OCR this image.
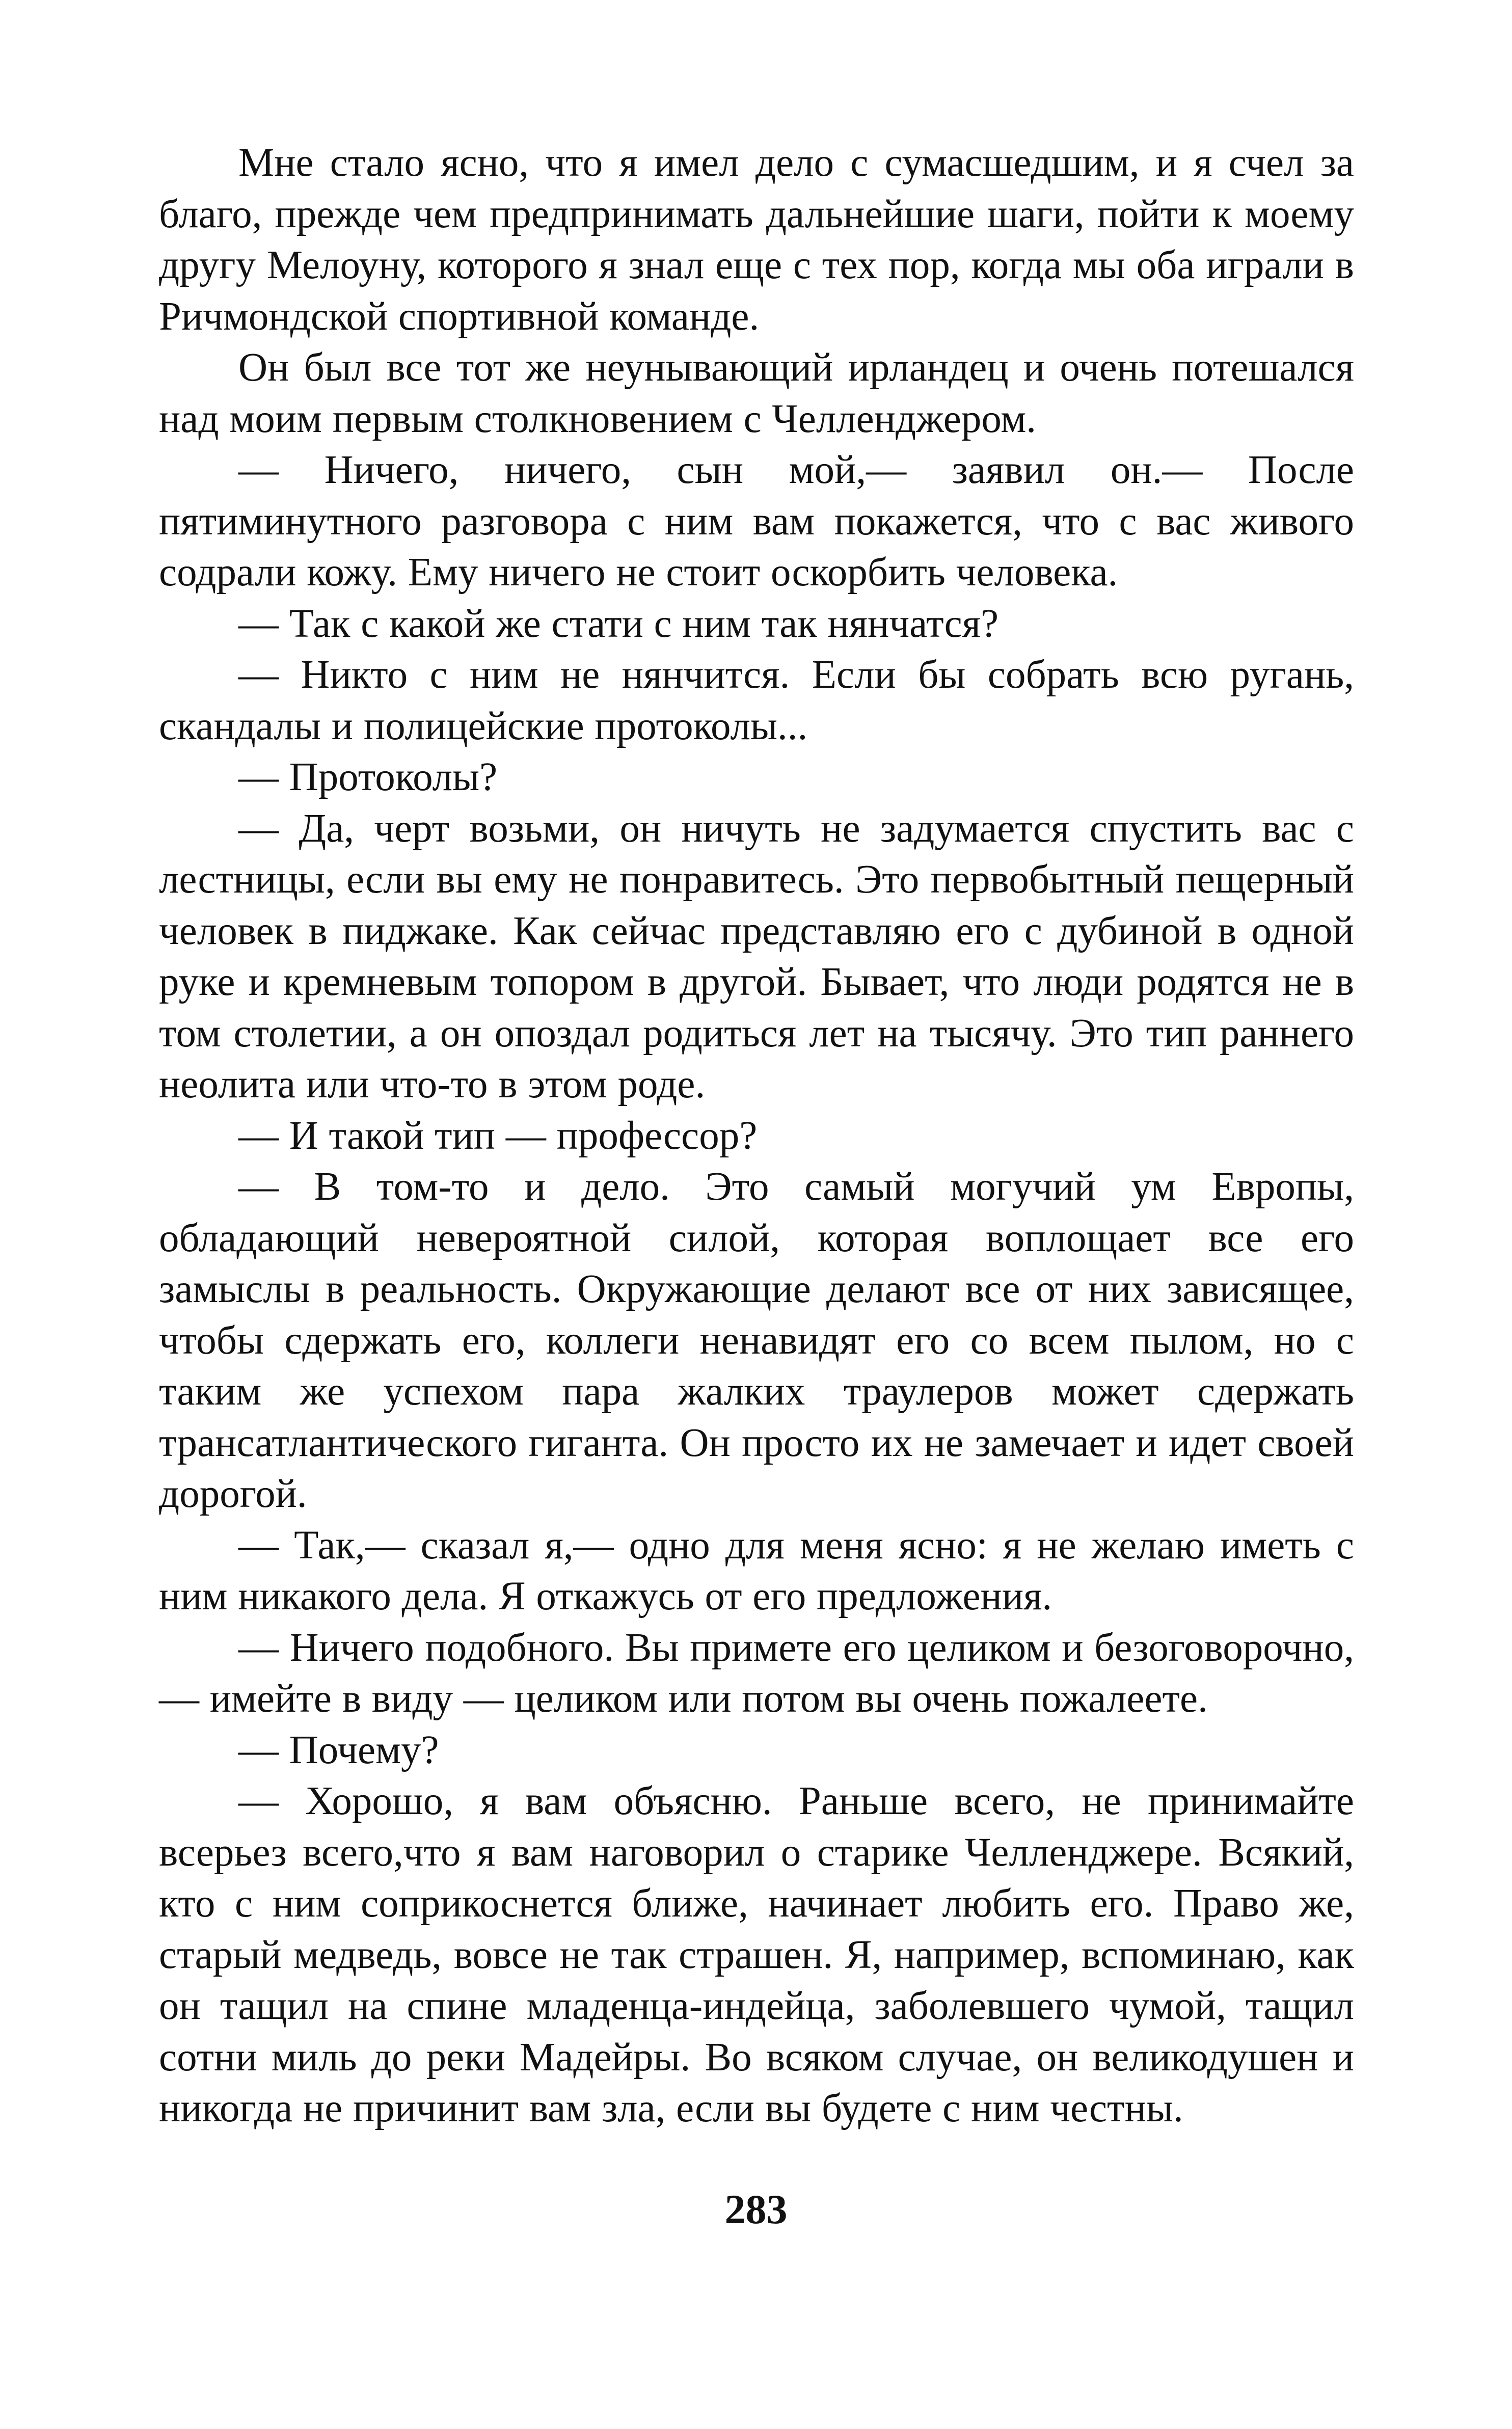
Мне стало ясно, что я имел дело с сумасшедшим, и я счел за благо, прежде чем предпринимать дальнейшие шаги, пойти к моему другу Мелоуну, которого я знал еще с тех пор, когда мы оба играли в Ричмондской спортивной команде.

Он был все тот же неунывающий ирландец и очень потешался над моим первым столкновением с Челленджером.

— Ничего, ничего, сын мой,— заявил он.— После пятиминутного разговора с ним вам покажется, что с вас живого содрали кожу. Ему ничего не стоит оскорбить человека.

— Так с какой же стати с ним так нянчатся?

— Никто с ним не нянчится. Если бы собрать всю ругань, скандалы и полицейские протоколы...

— Протоколы?

— Да, черт возьми, он ничуть не задумается спустить вас с лестницы, если вы ему не понравитесь. Это первобытный пещерный человек в пиджаке. Как сейчас представляю его с дубиной в одной руке и кремневым топором в другой. Бывает, что люди родятся не в том столетии, а он опоздал родиться лет на тысячу. Это тип раннего неолита или что-то в этом роде.

— И такой тип — профессор?

— В том-то и дело. Это самый могучий ум Европы, обладающий невероятной силой, которая воплощает все его замыслы в реальность. Окружающие делают все от них зависящее, чтобы сдержать его, коллеги ненавидят его со всем пылом, но с таким же успехом пара жалких траулеров может сдержать трансатлантического гиганта. Он просто их не замечает и идет своей дорогой.

— Так,— сказал я,— одно для меня ясно: я не желаю иметь с ним никакого дела. Я откажусь от его предложения.

— Ничего подобного. Вы примете его целиком и безоговорочно,— имейте в виду — целиком или потом вы очень пожалеете.

— Почему?

— Хорошо, я вам объясню. Раньше всего, не принимайте всерьез всего,что я вам наговорил о старике Челленджере. Всякий, кто с ним соприкоснется ближе, начинает любить его. Право же, старый медведь, вовсе не так страшен. Я, например, вспоминаю, как он тащил на спине младенца-индейца, заболевшего чумой, тащил сотни миль до реки Мадейры. Во всяком случае, он великодушен и никогда не причинит вам зла, если вы будете с ним честны.

283
